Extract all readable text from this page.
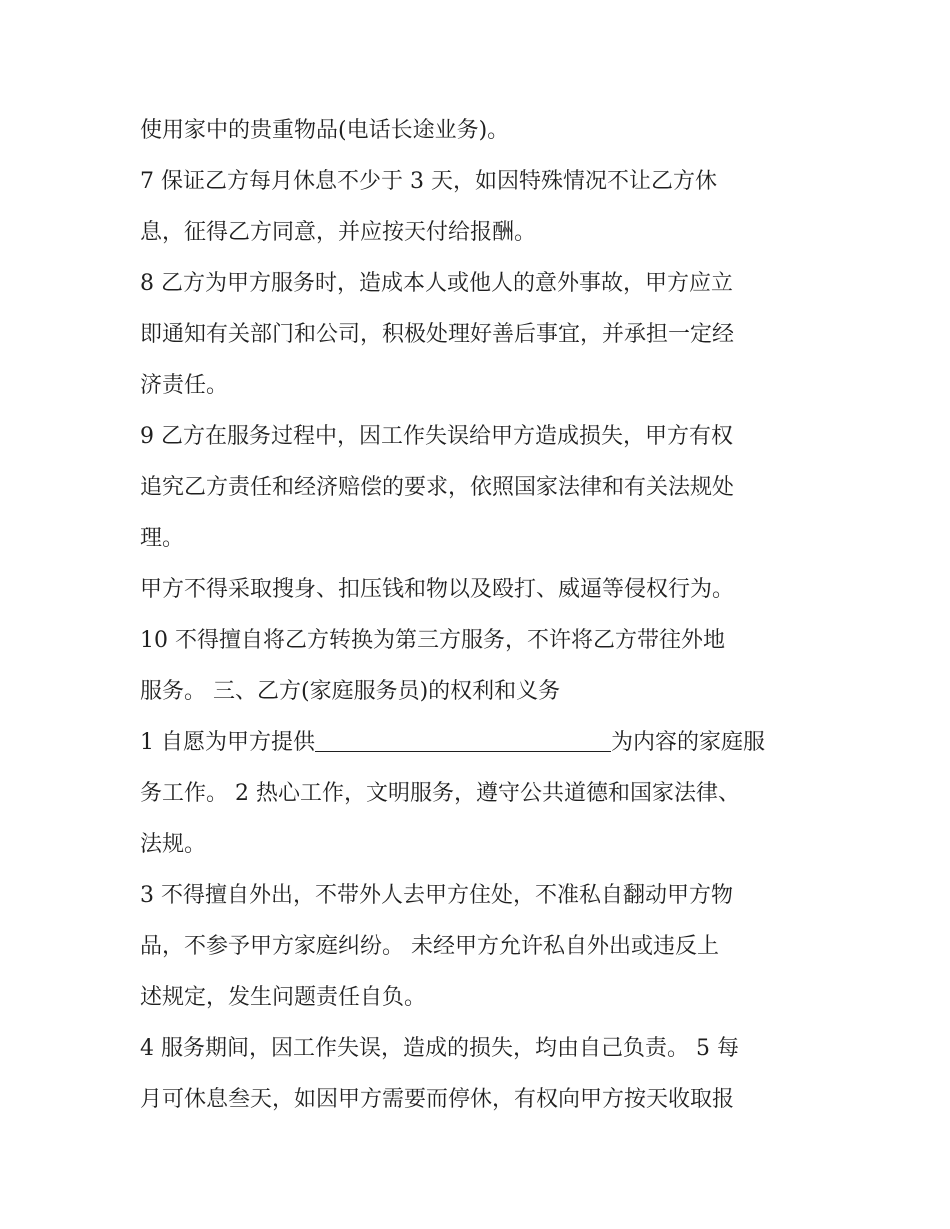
使用家中的贵重物品(电话长途业务)。
7 保证乙方每月休息不少于 3 天，如因特殊情况不让乙方休
息，征得乙方同意，并应按天付给报酬。
8 乙方为甲方服务时，造成本人或他人的意外事故，甲方应立
即通知有关部门和公司，积极处理好善后事宜，并承担一定经
济责任。
9 乙方在服务过程中，因工作失误给甲方造成损失，甲方有权
追究乙方责任和经济赔偿的要求，依照国家法律和有关法规处
理。
甲方不得采取搜身、扣压钱和物以及殴打、威逼等侵权行为。
10 不得擅自将乙方转换为第三方服务，不许将乙方带往外地
服务。 三、乙方(家庭服务员)的权利和义务
1 自愿为甲方提供	为内容的家庭服
务工作。 2 热心工作，文明服务，遵守公共道德和国家法律、
法规。
3 不得擅自外出，不带外人去甲方住处，不准私自翻动甲方物
品，不参予甲方家庭纠纷。 未经甲方允许私自外出或违反上
述规定，发生问题责任自负。
4 服务期间，因工作失误，造成的损失，均由自己负责。 5 每
月可休息叁天，如因甲方需要而停休，有权向甲方按天收取报
